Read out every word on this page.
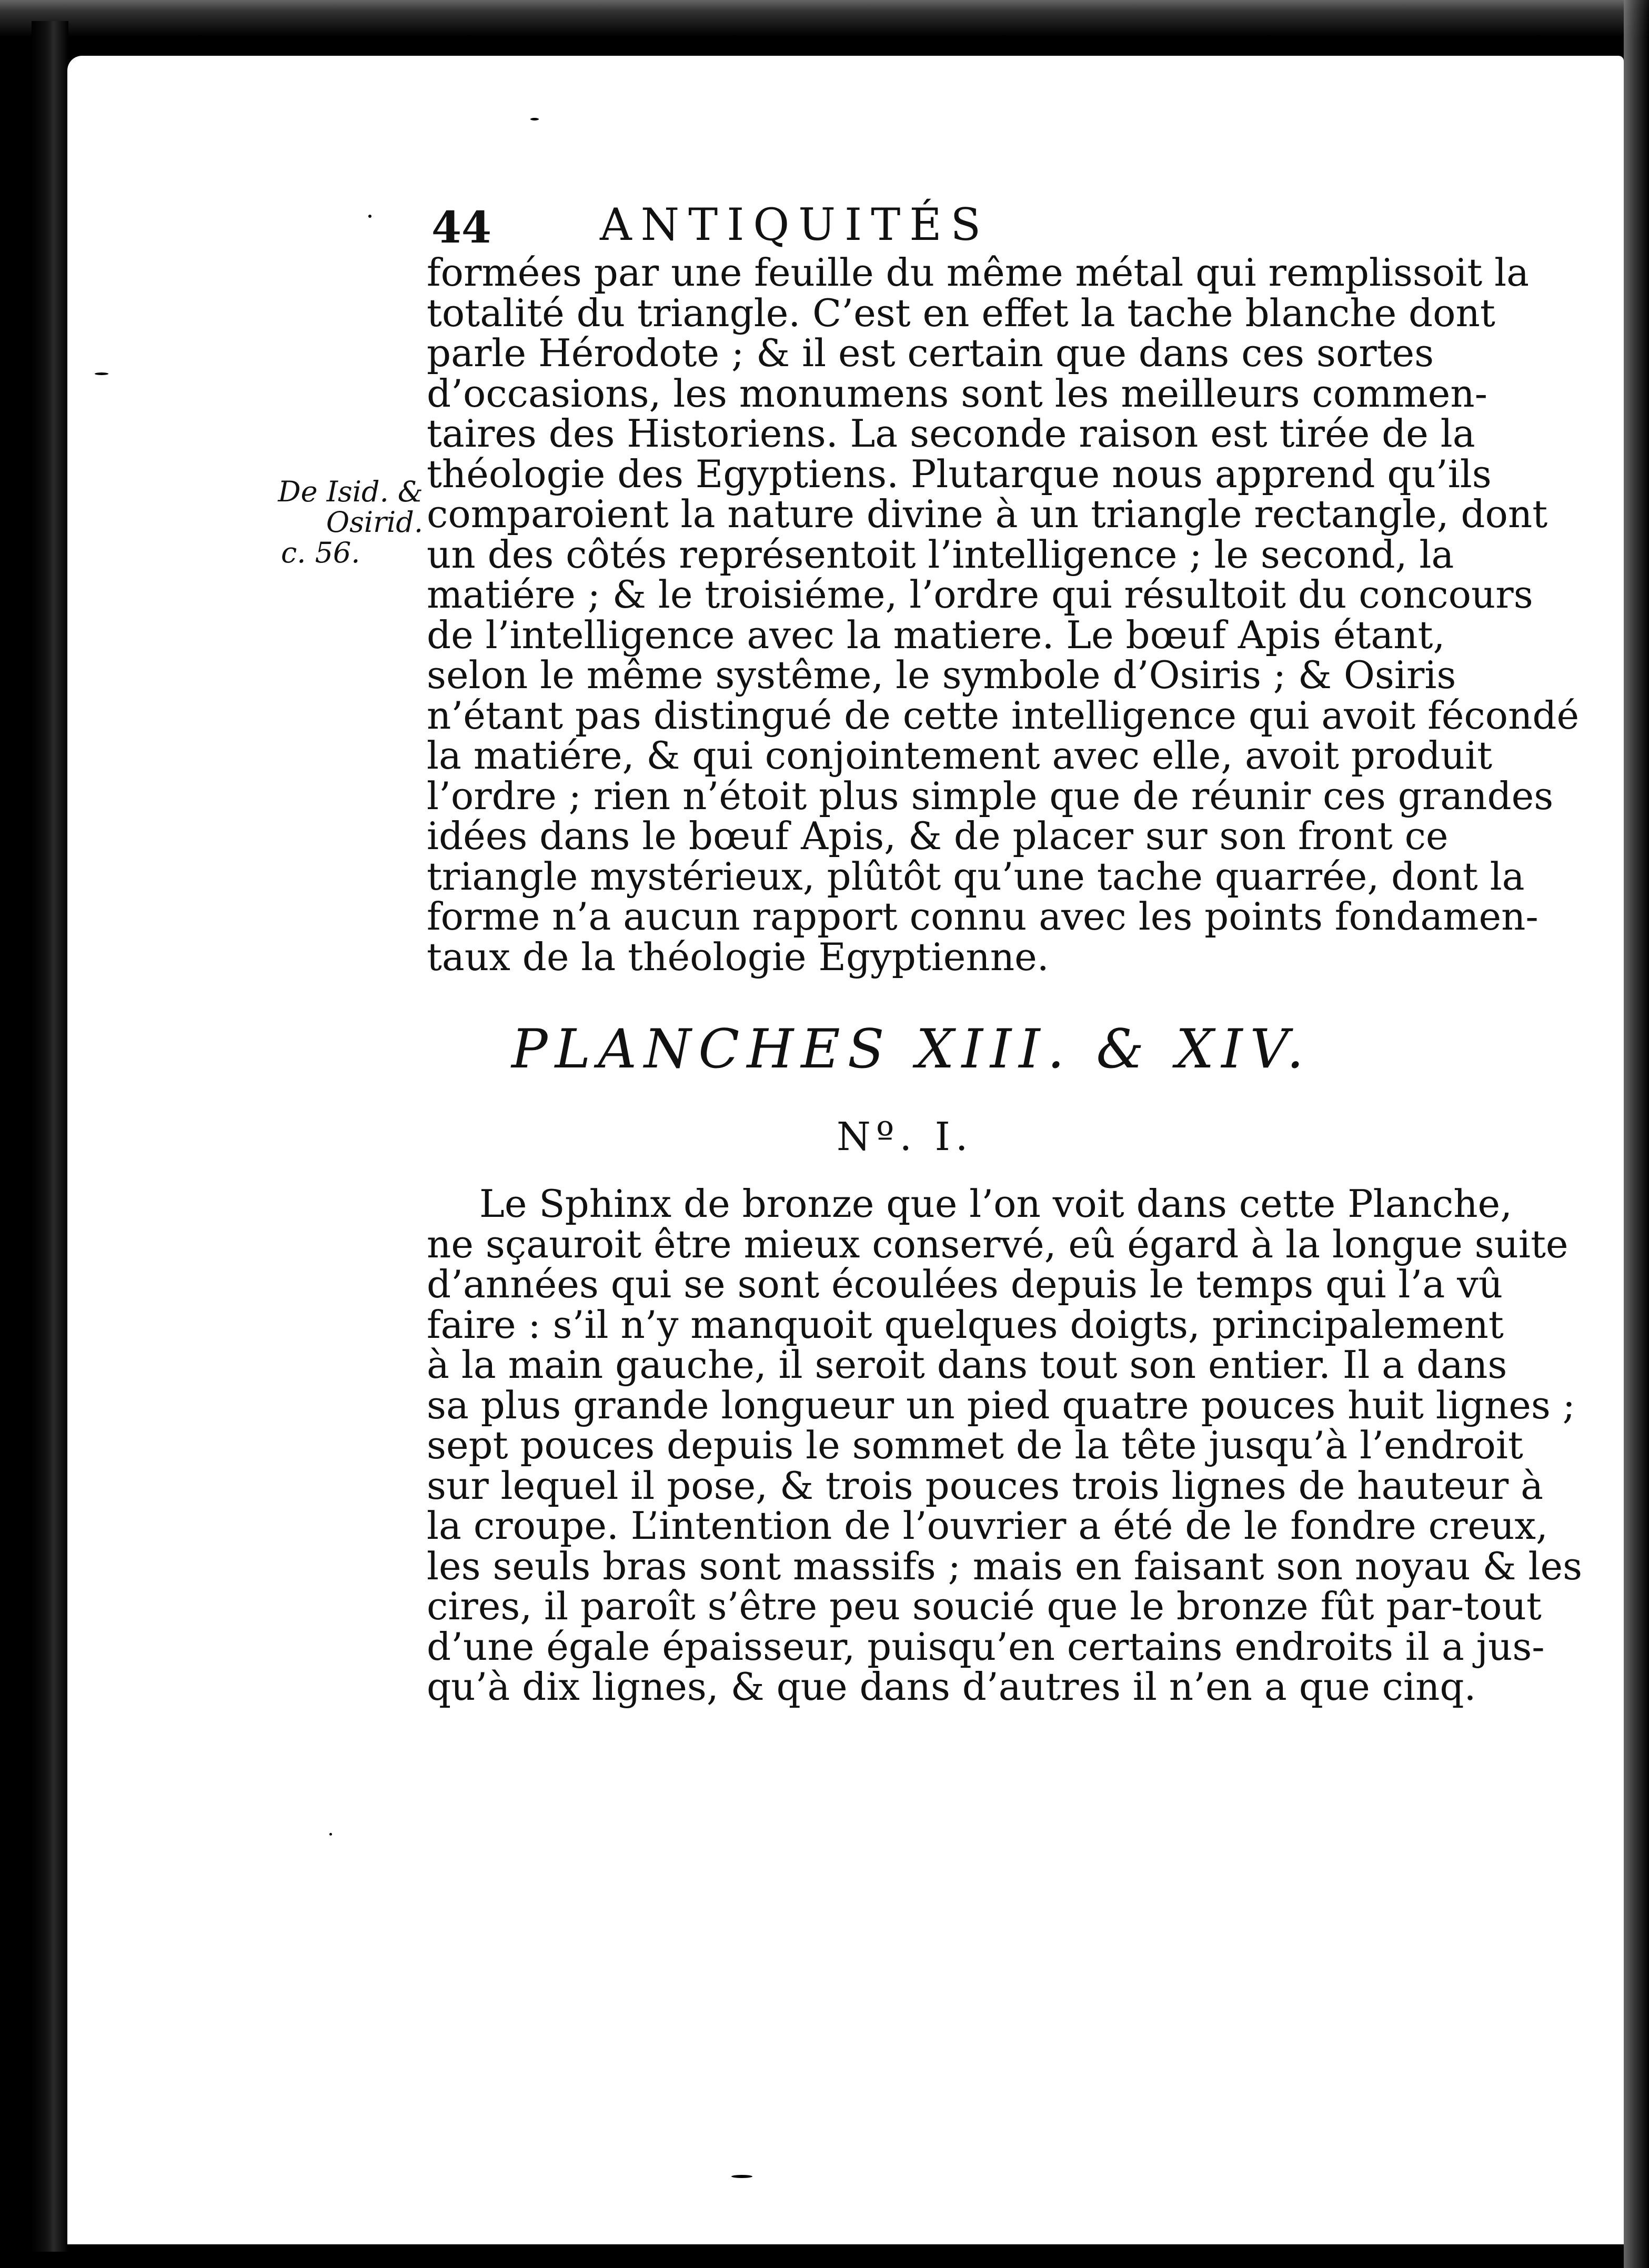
44 ANTIQUITÉS
De Isid. & Osirid.
c. 56.
formées par une feuille du même métal qui remplissoit la
totalité du triangle. C’est en effet la tache blanche dont
parle Hérodote ; & il est certain que dans ces sortes
d’occasions, les monumens sont les meilleurs commen-
taires des Historiens. La seconde raison est tirée de la
théologie des Egyptiens. Plutarque nous apprend qu’ils
comparoient la nature divine à un triangle rectangle, dont
un des côtés représentoit l’intelligence ; le second, la
matiére ; & le troisiéme, l’ordre qui résultoit du concours
de l’intelligence avec la matiere. Le bœuf Apis étant,
selon le même systême, le symbole d’Osiris ; & Osiris
n’étant pas distingué de cette intelligence qui avoit fécondé
la matiére, & qui conjointement avec elle, avoit produit
l’ordre ; rien n’étoit plus simple que de réunir ces grandes
idées dans le bœuf Apis, & de placer sur son front ce
triangle mystérieux, plûtôt qu’une tache quarrée, dont la
forme n’a aucun rapport connu avec les points fondamen-
taux de la théologie Egyptienne.
PLANCHES XIII. & XIV.
Nº. I.
Le Sphinx de bronze que l’on voit dans cette Planche,
ne sçauroit être mieux conservé, eû égard à la longue suite
d’années qui se sont écoulées depuis le temps qui l’a vû
faire : s’il n’y manquoit quelques doigts, principalement
à la main gauche, il seroit dans tout son entier. Il a dans
sa plus grande longueur un pied quatre pouces huit lignes ;
sept pouces depuis le sommet de la tête jusqu’à l’endroit
sur lequel il pose, & trois pouces trois lignes de hauteur à
la croupe. L’intention de l’ouvrier a été de le fondre creux,
les seuls bras sont massifs ; mais en faisant son noyau & les
cires, il paroît s’être peu soucié que le bronze fût par-tout
d’une égale épaisseur, puisqu’en certains endroits il a jus-
qu’à dix lignes, & que dans d’autres il n’en a que cinq.
